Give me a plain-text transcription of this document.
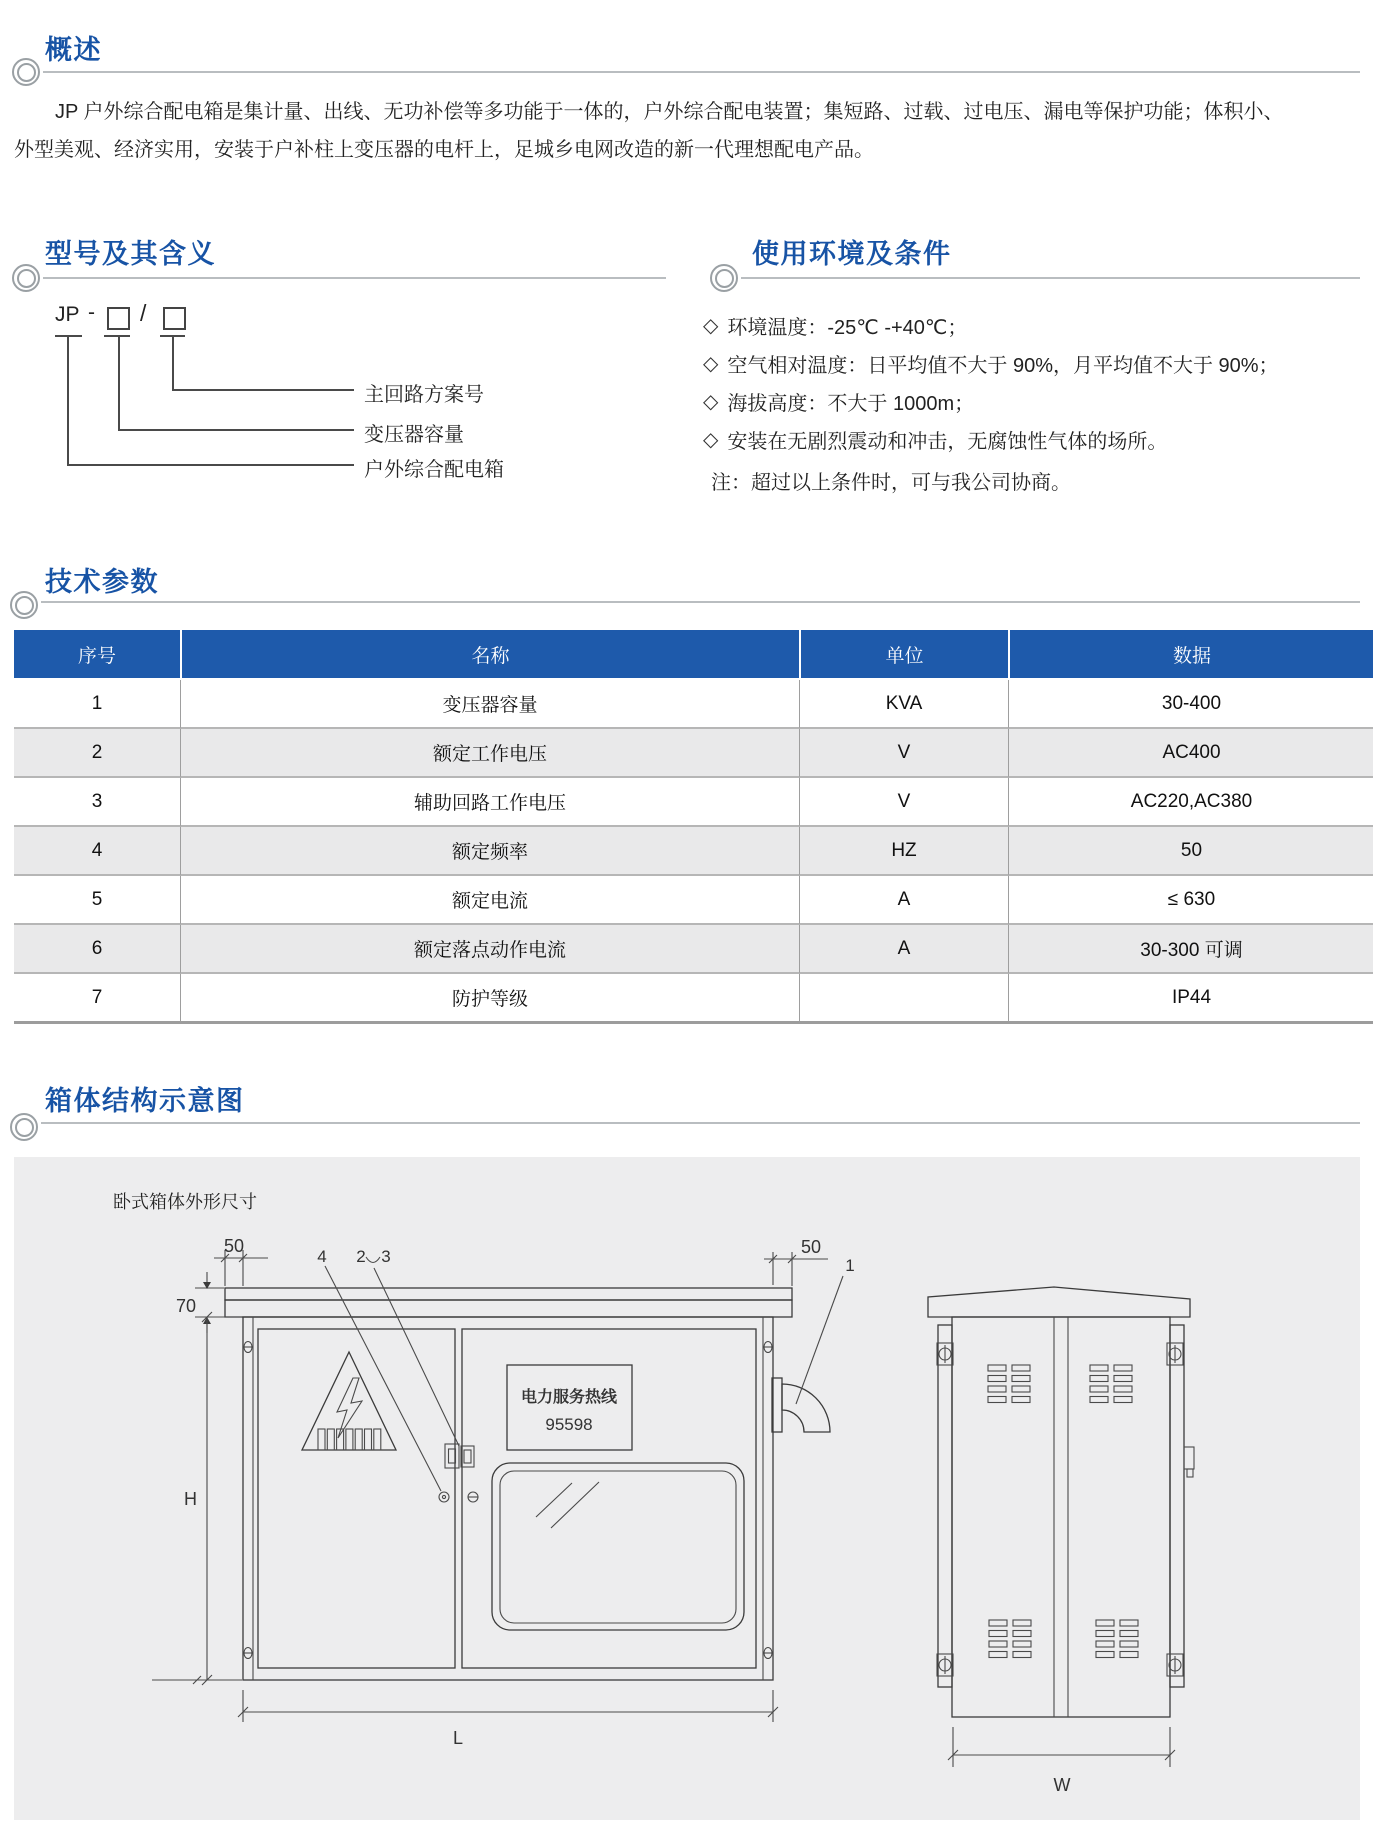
概述
JP 户外综合配电箱是集计量、出线、无功补偿等多功能于一体的，户外综合配电装置；集短路、过载、过电压、漏电等保护功能；体积小、
外型美观、经济实用，安装于户补柱上变压器的电杆上，足城乡电网改造的新一代理想配电产品。
型号及其含义
JP - /
主回路方案号
变压器容量
户外综合配电箱
使用环境及条件
◇ 环境温度：-25℃ -+40℃；
◇ 空气相对温度：日平均值不大于 90%，月平均值不大于 90%；
◇ 海拔高度：不大于 1000m；
◇ 安装在无剧烈震动和冲击，无腐蚀性气体的场所。
注：超过以上条件时，可与我公司协商。
技术参数
序号	名称	单位	数据
1	变压器容量	KVA	30-400
2	额定工作电压	V	AC400
3	辅助回路工作电压	V	AC220,AC380
4	额定频率	HZ	50
5	额定电流	A	≤ 630
6	额定落点动作电流	A	30-300 可调
7	防护等级		IP44
箱体结构示意图
卧式箱体外形尺寸
电力服务热线
95598
50
70
H
L
50
4 2 3	1
W
